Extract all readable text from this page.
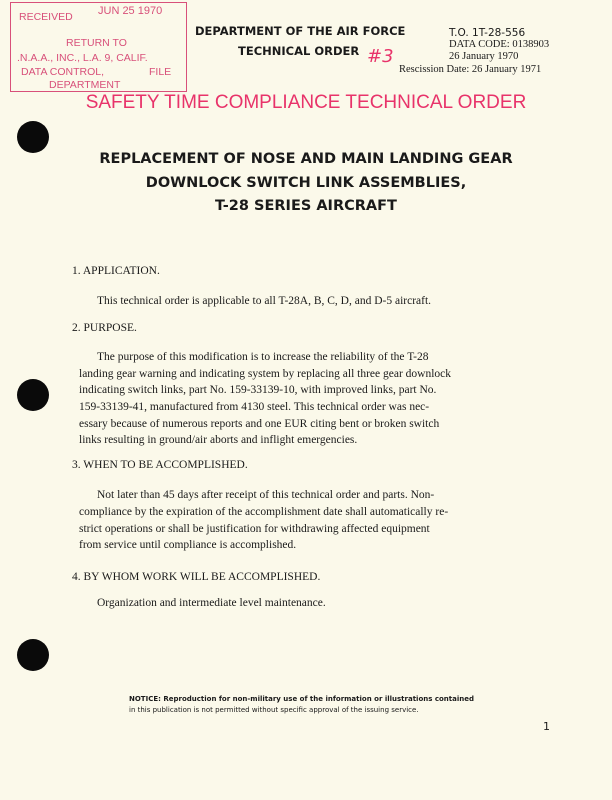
RECEIVED JUN 25 1970
RETURN TO
.N.A.A., INC., L.A. 9, CALIF.
DATA CONTROL,	FILE
DEPARTMENT
DEPARTMENT OF THE AIR FORCE
TECHNICAL ORDER #3
T.O. 1T-28-556
DATA CODE: 0138903
26 January 1970
Rescission Date: 26 January 1971
SAFETY TIME COMPLIANCE TECHNICAL ORDER
REPLACEMENT OF NOSE AND MAIN LANDING GEAR
DOWNLOCK SWITCH LINK ASSEMBLIES,
T-28 SERIES AIRCRAFT
1. APPLICATION.
This technical order is applicable to all T-28A, B, C, D, and D-5 aircraft.
2. PURPOSE.
The purpose of this modification is to increase the reliability of the T-28
landing gear warning and indicating system by replacing all three gear downlock
indicating switch links, part No. 159-33139-10, with improved links, part No.
159-33139-41, manufactured from 4130 steel. This technical order was nec-
essary because of numerous reports and one EUR citing bent or broken switch
links resulting in ground/air aborts and inflight emergencies.
3. WHEN TO BE ACCOMPLISHED.
Not later than 45 days after receipt of this technical order and parts. Non-
compliance by the expiration of the accomplishment date shall automatically re-
strict operations or shall be justification for withdrawing affected equipment
from service until compliance is accomplished.
4. BY WHOM WORK WILL BE ACCOMPLISHED.
Organization and intermediate level maintenance.
NOTICE: Reproduction for non-military use of the information or illustrations contained
in this publication is not permitted without specific approval of the issuing service.
1
